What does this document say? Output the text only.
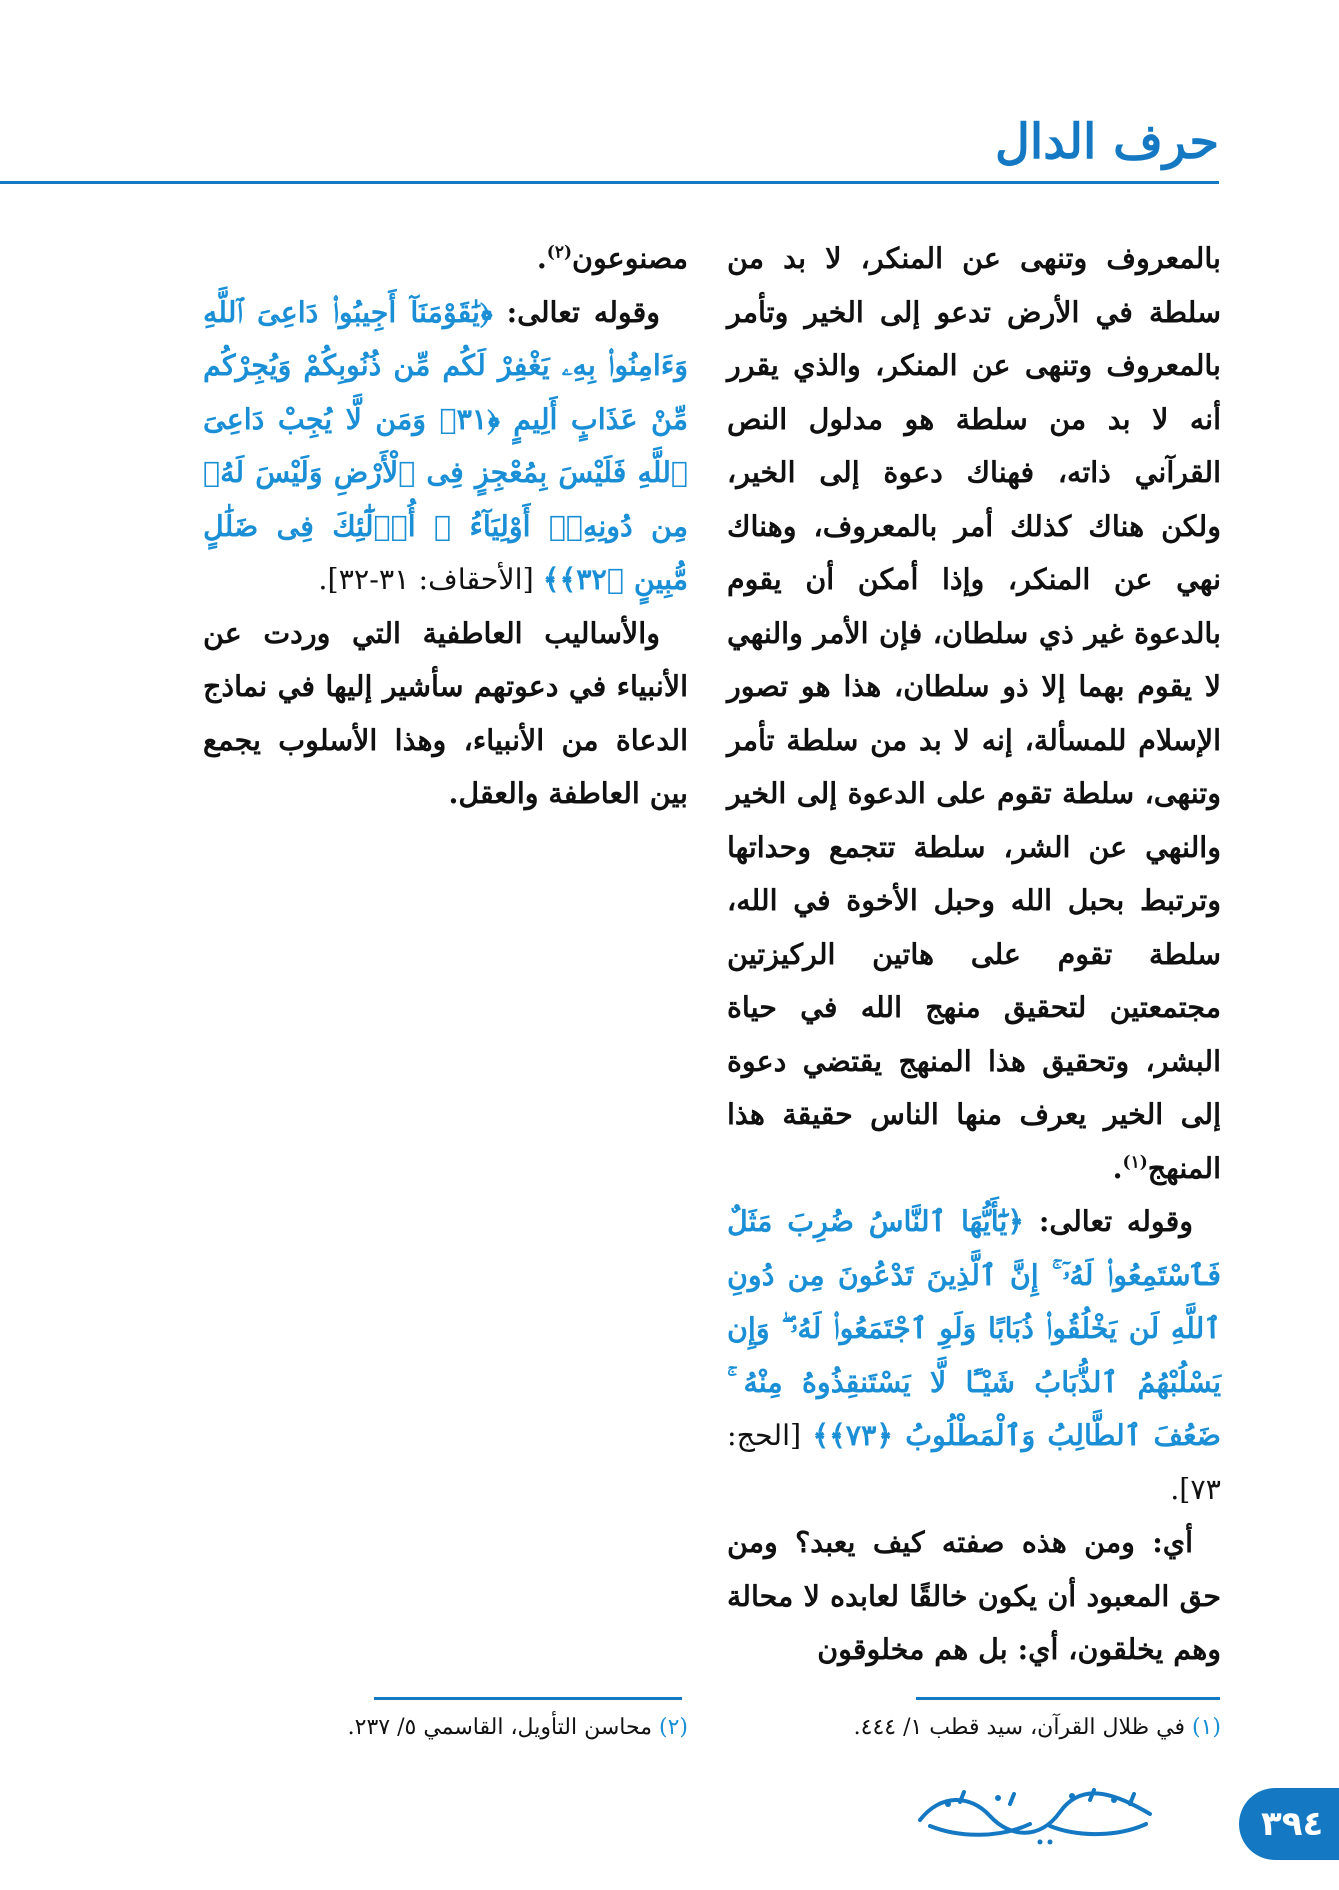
حرف الدال

بالمعروف وتنهى عن المنكر، لا بد من سلطة في الأرض تدعو إلى الخير وتأمر بالمعروف وتنهى عن المنكر، والذي يقرر أنه لا بد من سلطة هو مدلول النص القرآني ذاته، فهناك دعوة إلى الخير، ولكن هناك كذلك أمر بالمعروف، وهناك نهي عن المنكر، وإذا أمكن أن يقوم بالدعوة غير ذي سلطان، فإن الأمر والنهي لا يقوم بهما إلا ذو سلطان، هذا هو تصور الإسلام للمسألة، إنه لا بد من سلطة تأمر وتنهى، سلطة تقوم على الدعوة إلى الخير والنهي عن الشر، سلطة تتجمع وحداتها وترتبط بحبل الله وحبل الأخوة في الله، سلطة تقوم على هاتين الركيزتين مجتمعتين لتحقيق منهج الله في حياة البشر، وتحقيق هذا المنهج يقتضي دعوة إلى الخير يعرف منها الناس حقيقة هذا المنهج$^{(١)}$.

وقوله تعالى: ﴿يَٰٓأَيُّهَا ٱلنَّاسُ ضُرِبَ مَثَلٌ فَٱسْتَمِعُوا۟ لَهُۥٓ ۚ إِنَّ ٱلَّذِينَ تَدْعُونَ مِن دُونِ ٱللَّهِ لَن يَخْلُقُوا۟ ذُبَابًا وَلَوِ ٱجْتَمَعُوا۟ لَهُۥ ۖ وَإِن يَسْلُبْهُمُ ٱلذُّبَابُ شَيْـًٔا لَّا يَسْتَنقِذُوهُ مِنْهُ ۚ ضَعُفَ ٱلطَّالِبُ وَٱلْمَطْلُوبُ ﴿٧٣﴾﴾ [الحج: ٧٣].

أي: ومن هذه صفته كيف يعبد؟ ومن حق المعبود أن يكون خالقًا لعابده لا محالة وهم يخلقون، أي: بل هم مخلوقون

مصنوعون$^{(٢)}$.

وقوله تعالى: ﴿يَٰقَوْمَنَآ أَجِيبُوا۟ دَاعِىَ ٱللَّهِ وَءَامِنُوا۟ بِهِۦ يَغْفِرْ لَكُم مِّن ذُنُوبِكُمْ وَيُجِرْكُم مِّنْ عَذَابٍ أَلِيمٍ ﴿٣١﴾ وَمَن لَّا يُجِبْ دَاعِىَ ٱللَّهِ فَلَيْسَ بِمُعْجِزٍ فِى ٱلْأَرْضِ وَلَيْسَ لَهُۥ مِن دُونِهِۦٓ أَوْلِيَآءُ ۚ أُو۟لَٰٓئِكَ فِى ضَلَٰلٍ مُّبِينٍ ﴿٣٢﴾﴾ [الأحقاف: ٣١-٣٢].

والأساليب العاطفية التي وردت عن الأنبياء في دعوتهم سأشير إليها في نماذج الدعاة من الأنبياء، وهذا الأسلوب يجمع بين العاطفة والعقل.

(١) في ظلال القرآن، سيد قطب ١/ ٤٤٤.
(٢) محاسن التأويل، القاسمي ٥/ ٢٣٧.
٣٩٤
